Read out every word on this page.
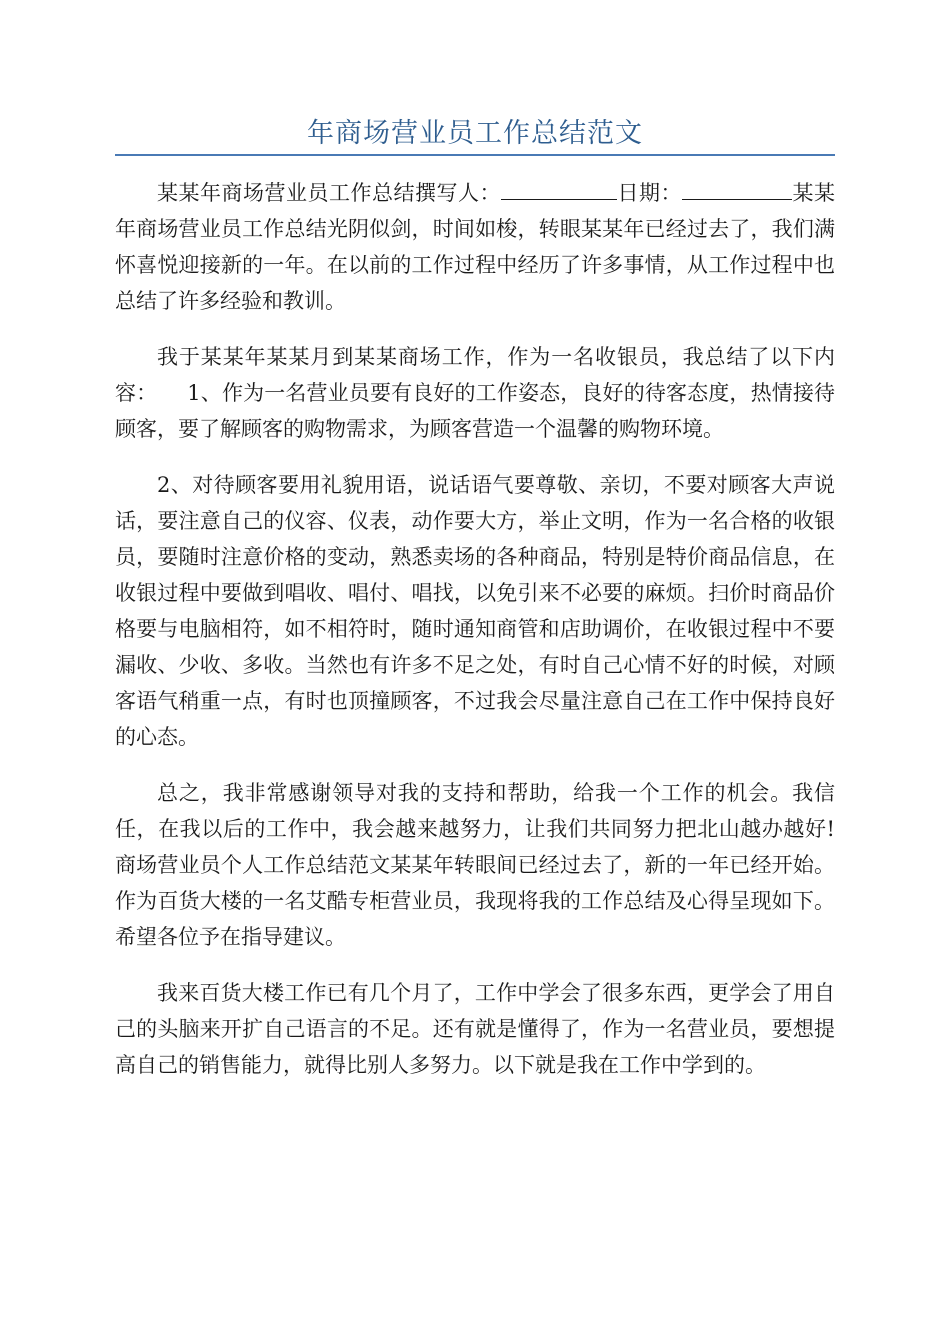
年商场营业员工作总结范文

某某年商场营业员工作总结撰写人：	日期：	某某年商场营业员工作总结光阴似剑，时间如梭，转眼某某年已经过去了，我们满怀喜悦迎接新的一年。在以前的工作过程中经历了许多事情，从工作过程中也总结了许多经验和教训。

我于某某年某某月到某某商场工作，作为一名收银员，我总结了以下内容： 1、作为一名营业员要有良好的工作姿态，良好的待客态度，热情接待顾客，要了解顾客的购物需求，为顾客营造一个温馨的购物环境。

2、对待顾客要用礼貌用语，说话语气要尊敬、亲切，不要对顾客大声说话，要注意自己的仪容、仪表，动作要大方，举止文明，作为一名合格的收银员，要随时注意价格的变动，熟悉卖场的各种商品，特别是特价商品信息，在收银过程中要做到唱收、唱付、唱找，以免引来不必要的麻烦。扫价时商品价格要与电脑相符，如不相符时，随时通知商管和店助调价，在收银过程中不要漏收、少收、多收。当然也有许多不足之处，有时自己心情不好的时候，对顾客语气稍重一点，有时也顶撞顾客，不过我会尽量注意自己在工作中保持良好的心态。

总之，我非常感谢领导对我的支持和帮助，给我一个工作的机会。我信任，在我以后的工作中，我会越来越努力，让我们共同努力把北山越办越好!商场营业员个人工作总结范文某某年转眼间已经过去了，新的一年已经开始。作为百货大楼的一名艾酷专柜营业员，我现将我的工作总结及心得呈现如下。希望各位予在指导建议。

我来百货大楼工作已有几个月了，工作中学会了很多东西，更学会了用自己的头脑来开扩自己语言的不足。还有就是懂得了，作为一名营业员，要想提高自己的销售能力，就得比别人多努力。以下就是我在工作中学到的。
